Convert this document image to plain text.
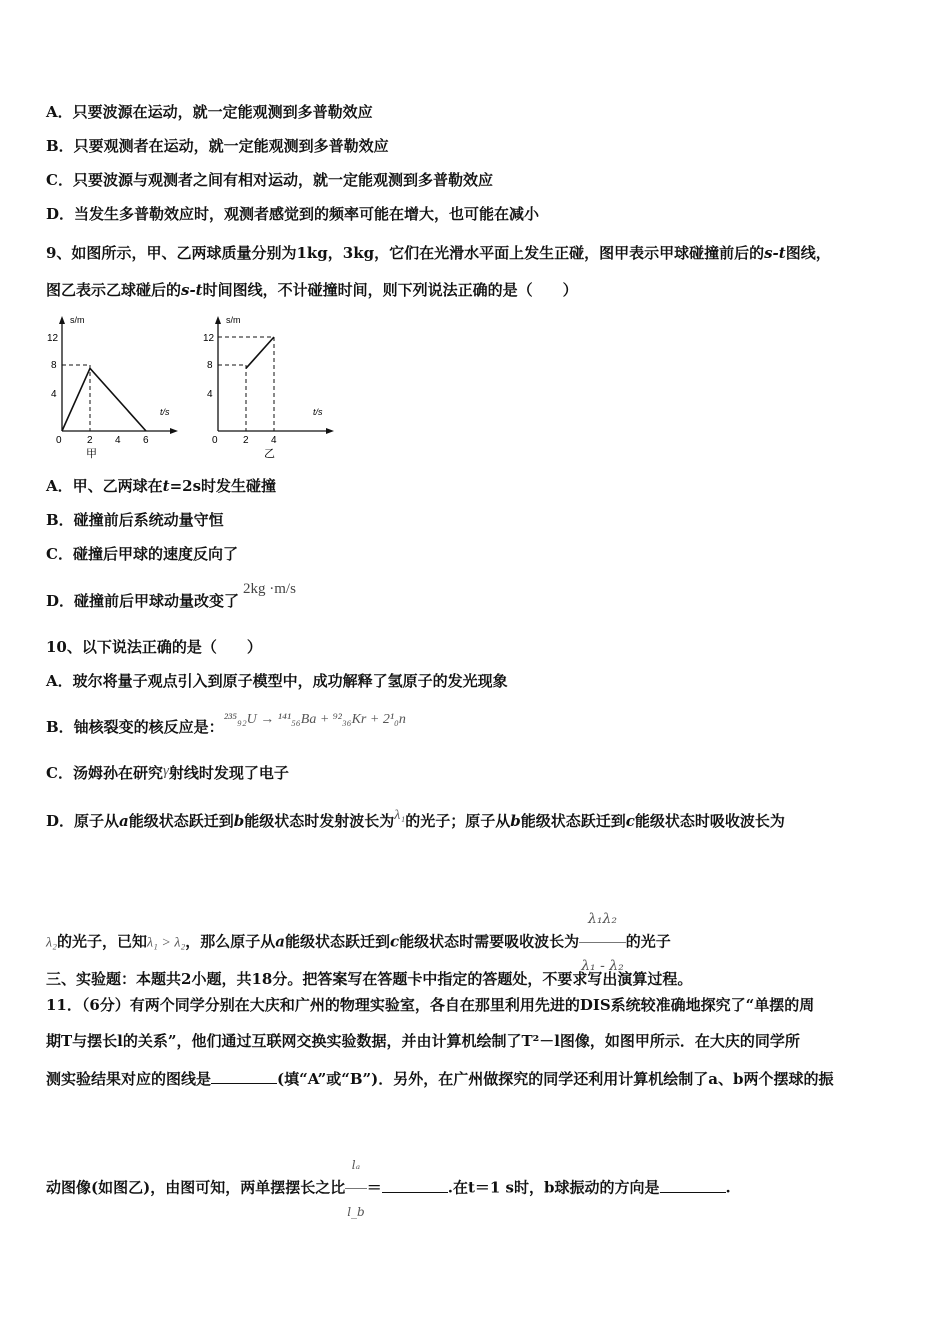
A．只要波源在运动，就一定能观测到多普勒效应
B．只要观测者在运动，就一定能观测到多普勒效应
C．只要波源与观测者之间有相对运动，就一定能观测到多普勒效应
D．当发生多普勒效应时，观测者感觉到的频率可能在增大，也可能在减小
9、如图所示，甲、乙两球质量分别为1kg，3kg，它们在光滑水平面上发生正碰，图甲表示甲球碰撞前后的s-t图线，
图乙表示乙球碰后的s-t时间图线，不计碰撞时间，则下列说法正确的是（　　）
s/m
t/s
12
8
4
0	2 4 6
甲
s/m
t/s
12
8
4
0	2 4
乙
A．甲、乙两球在t=2s时发生碰撞
B．碰撞前后系统动量守恒
C．碰撞后甲球的速度反向了
D．碰撞前后甲球动量改变了2kg ·m/s
10、以下说法正确的是（　　）
A．玻尔将量子观点引入到原子模型中，成功解释了氢原子的发光现象
B．铀核裂变的核反应是：²³⁵₉₂U → ¹⁴¹₅₆Ba + ⁹²₃₆Kr + 2¹₀n
C．汤姆孙在研究γ射线时发现了电子
D．原子从a能级状态跃迁到b能级状态时发射波长为λ₁的光子；原子从b能级状态跃迁到c能级状态时吸收波长为
λ₂的光子，已知λ₁ > λ₂，那么原子从a能级状态跃迁到c能级状态时需要吸收波长为 $\frac{\text{λ₁λ₂}}{\text{λ₁ - λ₂}}$ 的光子
三、实验题：本题共2小题，共18分。把答案写在答题卡中指定的答题处，不要求写出演算过程。
11．（6分）有两个同学分别在大庆和广州的物理实验室，各自在那里利用先进的DIS系统较准确地探究了“单摆的周
期T与摆长l的关系”，他们通过互联网交换实验数据，并由计算机绘制了T²－l图像，如图甲所示．在大庆的同学所
测实验结果对应的图线是	(填“A”或“B”)．另外，在广州做探究的同学还利用计算机绘制了a、b两个摆球的振
动图像(如图乙)，由图可知，两单摆摆长之比 $\frac{\text{lₐ}}{l\_b}$ ＝	.在t＝1 s时，b球振动的方向是	.
